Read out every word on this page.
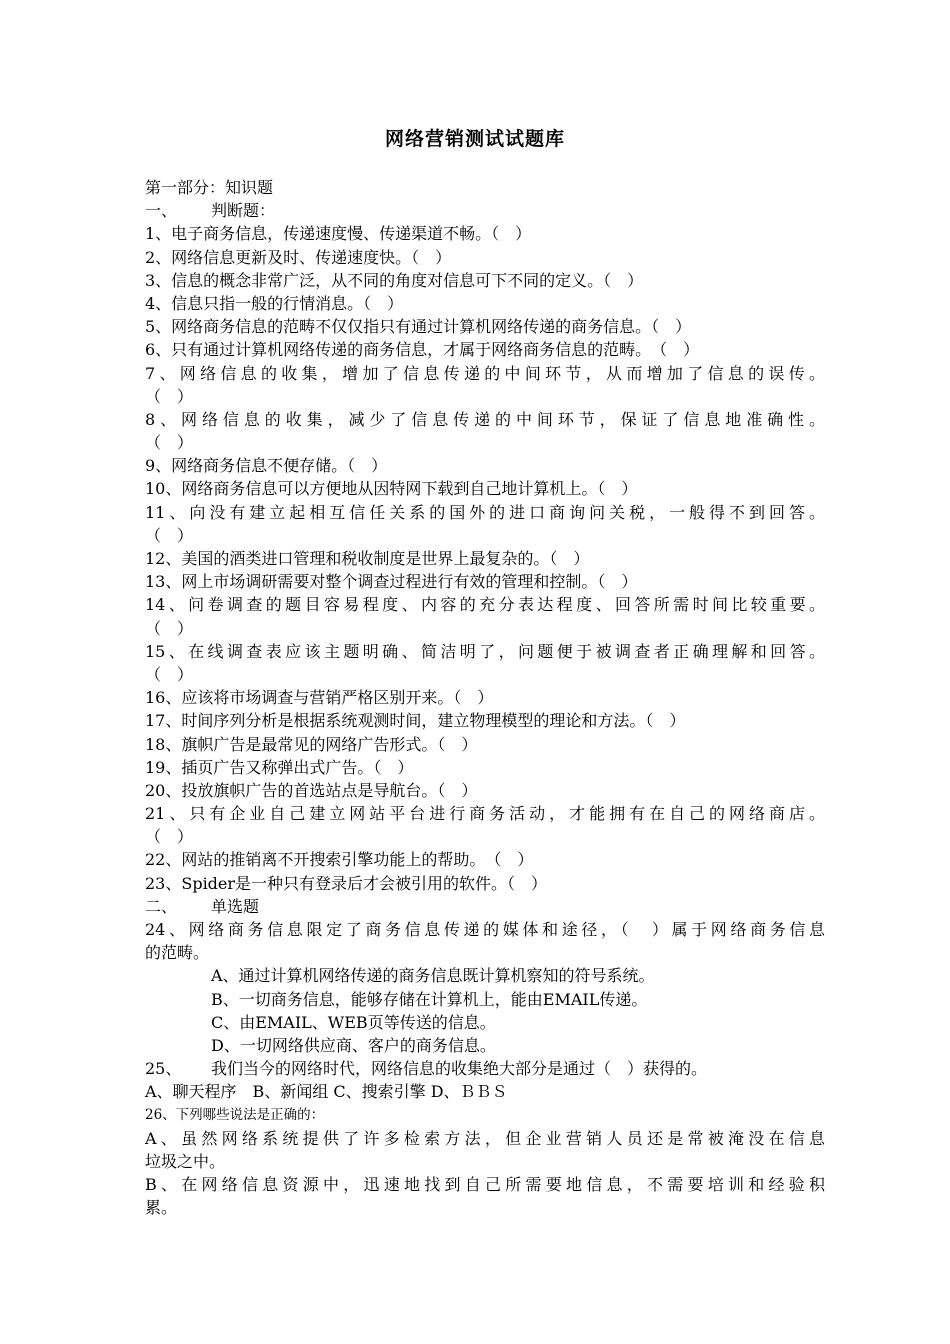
网络营销测试试题库
第一部分：知识题
一、 判断题：
1、电子商务信息，传递速度慢、传递渠道不畅。（　）
2、网络信息更新及时、传递速度快。（　）
3、信息的概念非常广泛，从不同的角度对信息可下不同的定义。（　）
4、信息只指一般的行情消息。（　）
5、网络商务信息的范畴不仅仅指只有通过计算机网络传递的商务信息。（　）
6、只有通过计算机网络传递的商务信息，才属于网络商务信息的范畴。　（　）
7、网络信息的收集，增加了信息传递的中间环节，从而增加了信息的误传。
（　）
8、网络信息的收集，减少了信息传递的中间环节，保证了信息地准确性。
（　）
9、网络商务信息不便存储。（　）
10、网络商务信息可以方便地从因特网下载到自己地计算机上。（　）
11、向没有建立起相互信任关系的国外的进口商询问关税，一般得不到回答。
（　）
12、美国的酒类进口管理和税收制度是世界上最复杂的。（　）
13、网上市场调研需要对整个调查过程进行有效的管理和控制。（　）
14、问卷调查的题目容易程度、内容的充分表达程度、回答所需时间比较重要。
（　）
15、在线调查表应该主题明确、简洁明了，问题便于被调查者正确理解和回答。
（　）
16、应该将市场调查与营销严格区别开来。（　）
17、时间序列分析是根据系统观测时间，建立物理模型的理论和方法。（　）
18、旗帜广告是最常见的网络广告形式。（　）
19、插页广告又称弹出式广告。（　）
20、投放旗帜广告的首选站点是导航台。（　）
21、只有企业自己建立网站平台进行商务活动，才能拥有在自己的网络商店。
（　）
22、网站的推销离不开搜索引擎功能上的帮助。　（　）
23、Spider是一种只有登录后才会被引用的软件。（　）
二、 单选题
24、网络商务信息限定了商务信息传递的媒体和途径，（　）属于网络商务信息
的范畴。
A、通过计算机网络传递的商务信息既计算机察知的符号系统。
B、一切商务信息，能够存储在计算机上，能由EMAIL传递。
C、由EMAIL、WEB页等传送的信息。
D、一切网络供应商、客户的商务信息。
25、 我们当今的网络时代，网络信息的收集绝大部分是通过（　）获得的。
A、聊天程序　B、新闻组 C、搜索引擎 D、ＢＢＳ
26、下列哪些说法是正确的：
A、虽然网络系统提供了许多检索方法，但企业营销人员还是常被淹没在信息
垃圾之中。
B、在网络信息资源中，迅速地找到自己所需要地信息，不需要培训和经验积
累。
